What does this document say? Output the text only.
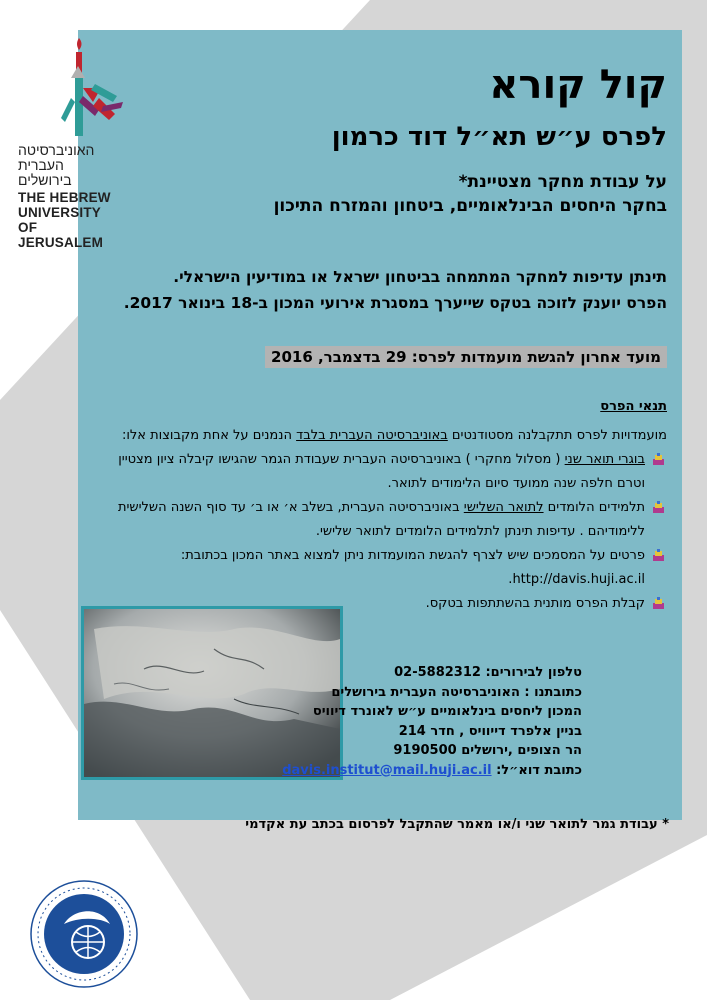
האוניברסיטה
העברית
בירושלים
THE HEBREW
UNIVERSITY
OF JERUSALEM
קול קורא
לפרס ע״ש תא״ל דוד כרמון
על עבודת מחקר מצטיינת*
בחקר היחסים הבינלאומיים, ביטחון והמזרח התיכון
תינתן עדיפות למחקר המתמחה בביטחון ישראל או במודיעין הישראלי.
הפרס יוענק לזוכה בטקס שייערך במסגרת אירועי המכון ב-18 בינואר 2017.
מועד אחרון להגשת מועמדות לפרס: 29 בדצמבר, 2016
תנאי הפרס

מועמדויות לפרס תתקבלנה מסטודנטים באוניברסיטה העברית בלבד הנמנים על אחת מקבוצות אלו:

בוגרי תואר שני ( מסלול מחקרי ) באוניברסיטה העברית שעבודת הגמר שהגישו קיבלה ציון מצטיין
וטרם חלפה שנה ממועד סיום הלימודים לתואר.
תלמידים הלומדים לתואר השלישי באוניברסיטה העברית, בשלב א׳ או ב׳ עד סוף השנה השלישית
ללימודיהם . עדיפות תינתן לתלמידים הלומדים לתואר שלישי.
פרטים על המסמכים שיש לצרף להגשת המועמדות ניתן למצוא באתר המכון בכתובת:
http://davis.huji.ac.il.
קבלת הפרס מותנית בהשתתפות בטקס.
טלפון לבירורים: 02-5882312
כתובתנו : האוניברסיטה העברית בירושלים
המכון ליחסים בינלאומיים ע״ש לאונרד דיוויס
בניין אלפרד דייוויס , חדר 214
הר הצופים ,ירושלים 9190500
כתובת דוא״ל: davis.institut@mail.huji.ac.il
* עבודת גמר לתואר שני ו/או מאמר שהתקבל לפרסום בכתב עת אקדמי
